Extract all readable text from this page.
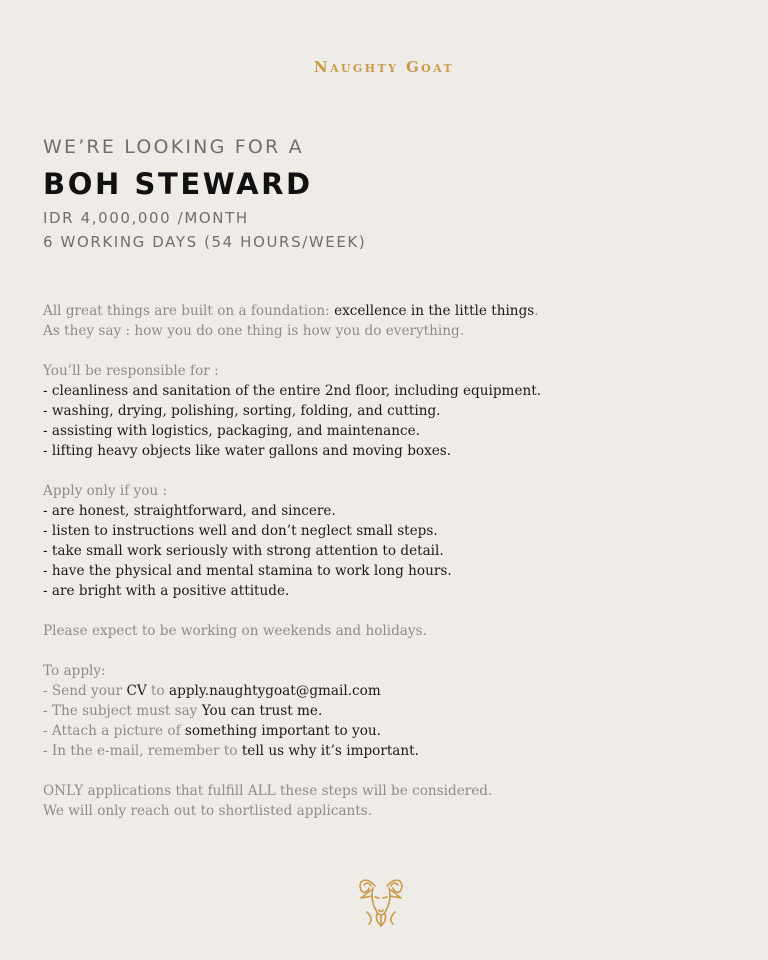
Naughty Goat
WE’RE LOOKING FOR A
BOH STEWARD
IDR 4,000,000 /MONTH
6 WORKING DAYS (54 HOURS/WEEK)
All great things are built on a foundation: excellence in the little things.
As they say : how you do one thing is how you do everything.
You’ll be responsible for :
- cleanliness and sanitation of the entire 2nd floor, including equipment.
- washing, drying, polishing, sorting, folding, and cutting.
- assisting with logistics, packaging, and maintenance.
- lifting heavy objects like water gallons and moving boxes.
Apply only if you :
- are honest, straightforward, and sincere.
- listen to instructions well and don’t neglect small steps.
- take small work seriously with strong attention to detail.
- have the physical and mental stamina to work long hours.
- are bright with a positive attitude.
Please expect to be working on weekends and holidays.
To apply:
- Send your CV to apply.naughtygoat@gmail.com
- The subject must say You can trust me.
- Attach a picture of something important to you.
- In the e-mail, remember to tell us why it’s important.
ONLY applications that fulfill ALL these steps will be considered.
We will only reach out to shortlisted applicants.
